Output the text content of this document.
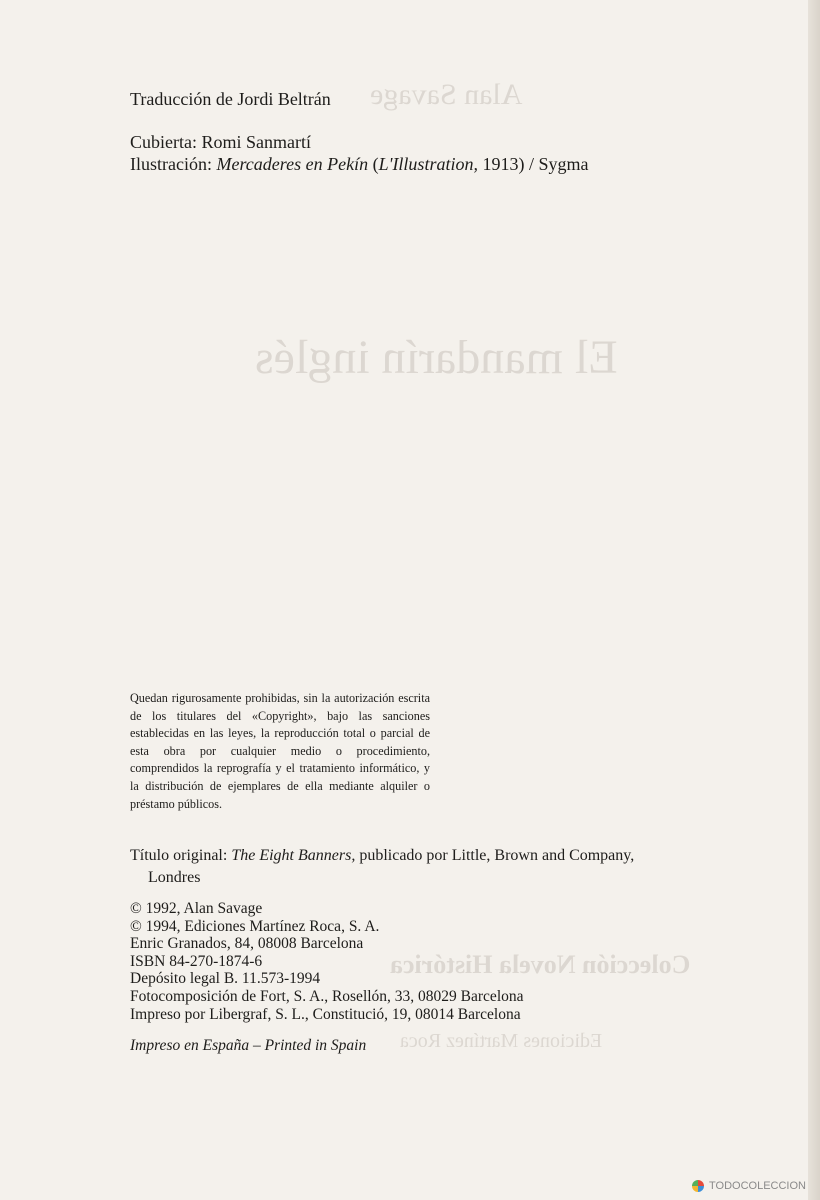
Alan Savage
El mandarín inglés
Colección Novela Histórica
Ediciones Martínez Roca
Traducción de Jordi Beltrán
Cubierta: Romi Sanmartí
Ilustración: Mercaderes en Pekín (L'Illustration, 1913) / Sygma
Quedan rigurosamente prohibidas, sin la autorización escrita de los titulares del «Copyright», bajo las sanciones establecidas en las leyes, la reproducción total o parcial de esta obra por cualquier medio o procedimiento, comprendidos la reprografía y el tratamiento informático, y la distribución de ejemplares de ella mediante alquiler o préstamo públicos.
Título original: The Eight Banners, publicado por Little, Brown and Company,
Londres
© 1992, Alan Savage
© 1994, Ediciones Martínez Roca, S. A.
Enric Granados, 84, 08008 Barcelona
ISBN 84-270-1874-6
Depósito legal B. 11.573-1994
Fotocomposición de Fort, S. A., Rosellón, 33, 08029 Barcelona
Impreso por Libergraf, S. L., Constitució, 19, 08014 Barcelona
Impreso en España – Printed in Spain
TODOCOLECCION
